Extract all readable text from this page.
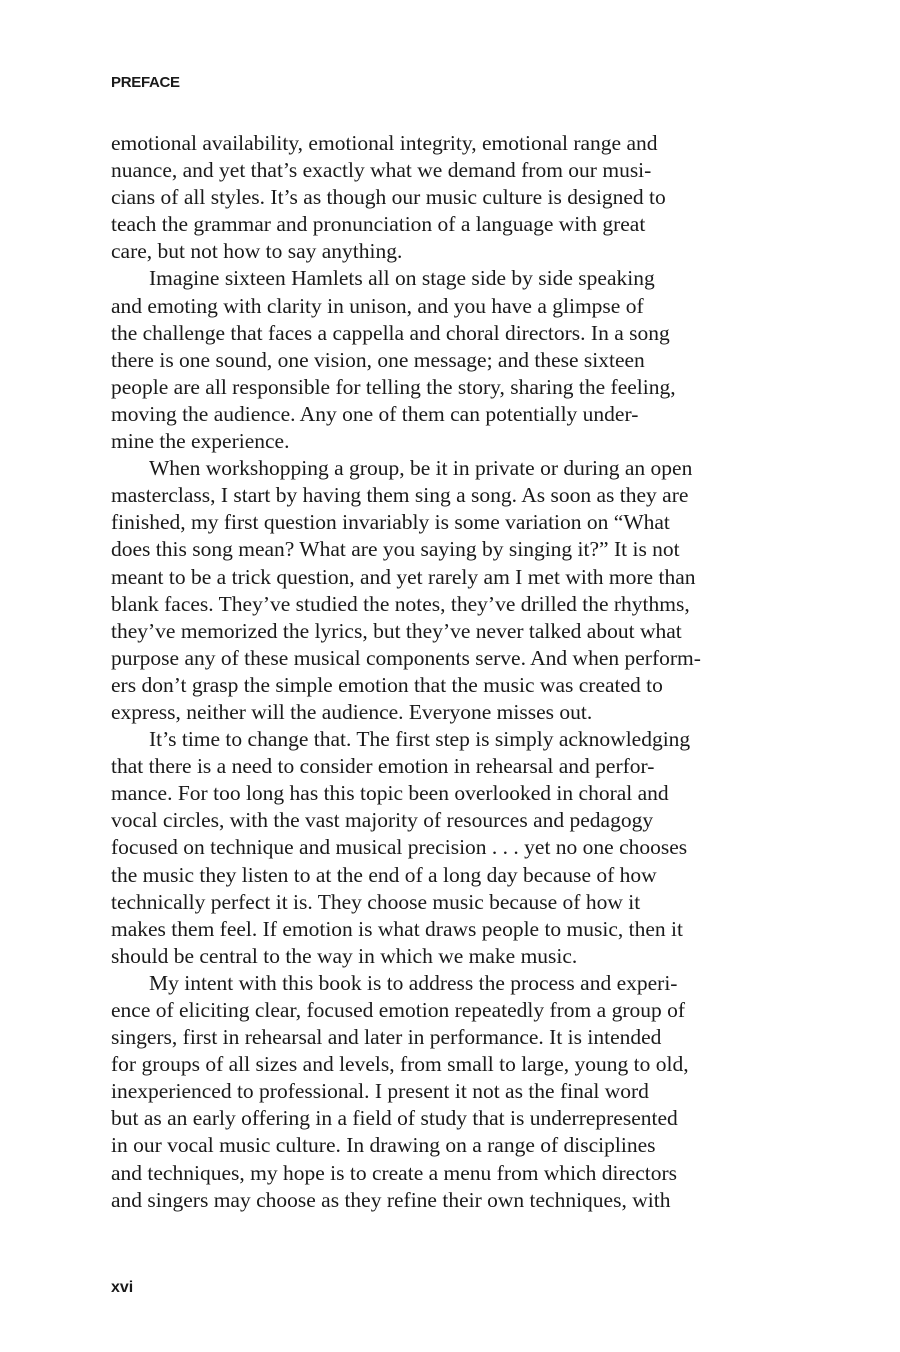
PREFACE
emotional availability, emotional integrity, emotional range and
nuance, and yet that’s exactly what we demand from our musi-
cians of all styles. It’s as though our music culture is designed to
teach the grammar and pronunciation of a language with great
care, but not how to say anything.
Imagine sixteen Hamlets all on stage side by side speaking
and emoting with clarity in unison, and you have a glimpse of
the challenge that faces a cappella and choral directors. In a song
there is one sound, one vision, one message; and these sixteen
people are all responsible for telling the story, sharing the feeling,
moving the audience. Any one of them can potentially under-
mine the experience.
When workshopping a group, be it in private or during an open
masterclass, I start by having them sing a song. As soon as they are
finished, my first question invariably is some variation on “What
does this song mean? What are you saying by singing it?” It is not
meant to be a trick question, and yet rarely am I met with more than
blank faces. They’ve studied the notes, they’ve drilled the rhythms,
they’ve memorized the lyrics, but they’ve never talked about what
purpose any of these musical components serve. And when perform-
ers don’t grasp the simple emotion that the music was created to
express, neither will the audience. Everyone misses out.
It’s time to change that. The first step is simply acknowledging
that there is a need to consider emotion in rehearsal and perfor-
mance. For too long has this topic been overlooked in choral and
vocal circles, with the vast majority of resources and pedagogy
focused on technique and musical precision . . . yet no one chooses
the music they listen to at the end of a long day because of how
technically perfect it is. They choose music because of how it
makes them feel. If emotion is what draws people to music, then it
should be central to the way in which we make music.
My intent with this book is to address the process and experi-
ence of eliciting clear, focused emotion repeatedly from a group of
singers, first in rehearsal and later in performance. It is intended
for groups of all sizes and levels, from small to large, young to old,
inexperienced to professional. I present it not as the final word
but as an early offering in a field of study that is underrepresented
in our vocal music culture. In drawing on a range of disciplines
and techniques, my hope is to create a menu from which directors
and singers may choose as they refine their own techniques, with
xvi
